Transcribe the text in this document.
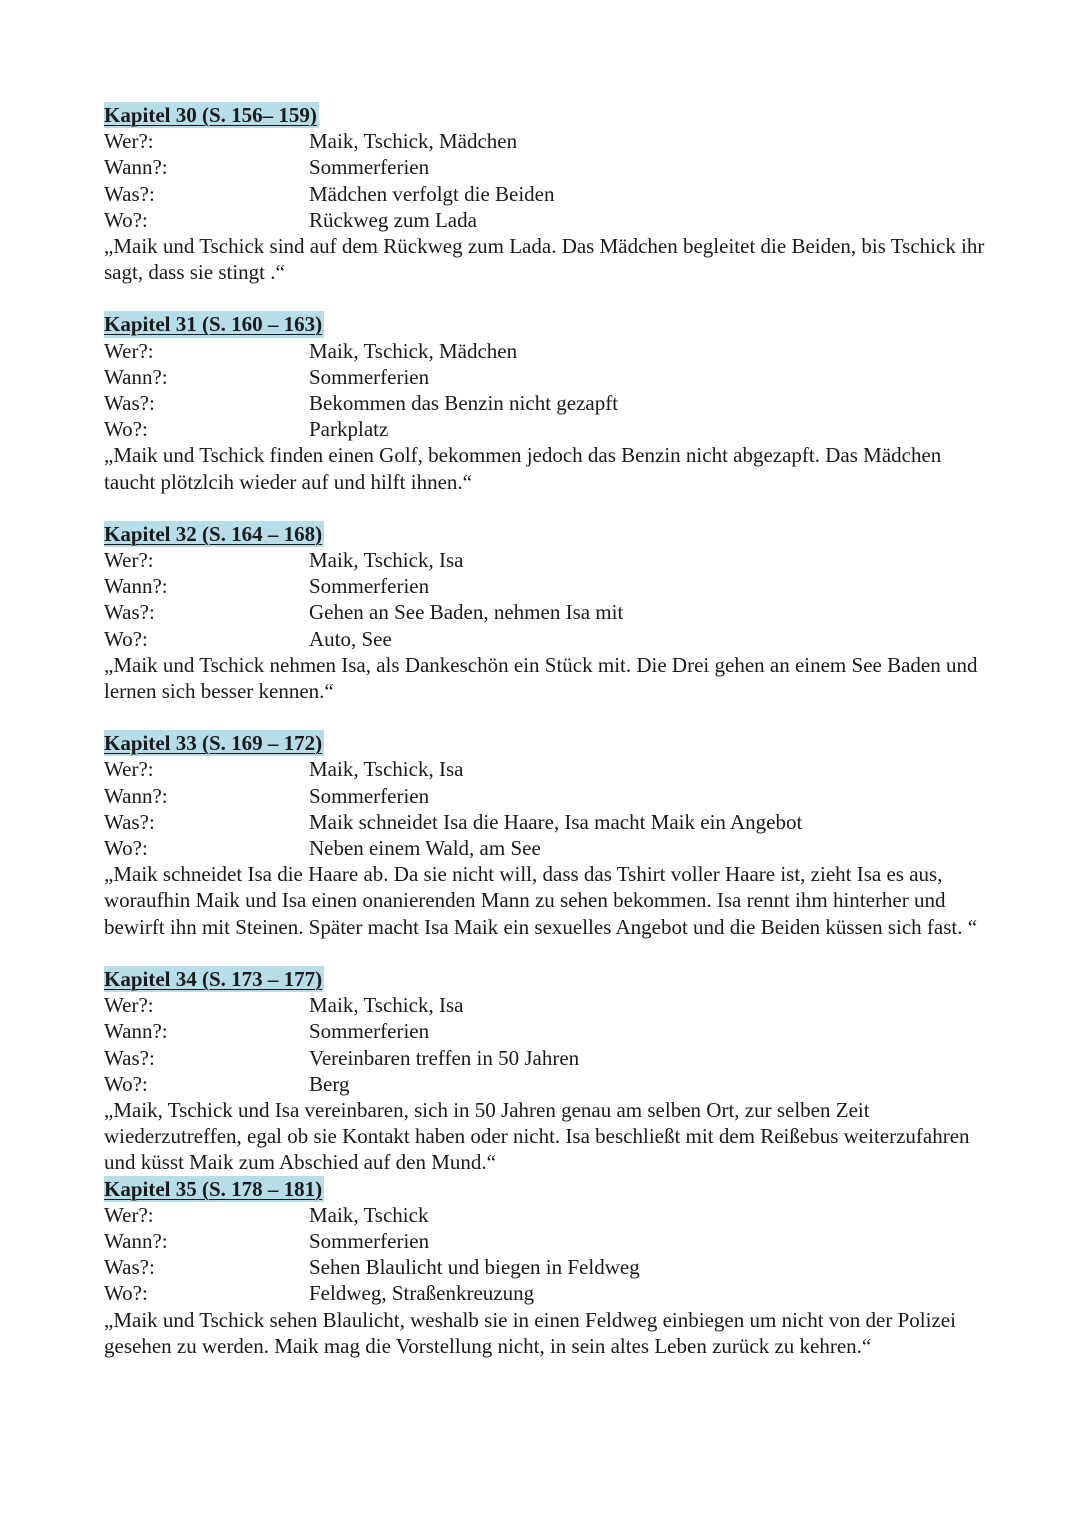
Kapitel 30 (S. 156– 159)
Wer?:	Maik, Tschick, Mädchen
Wann?:	Sommerferien
Was?:	Mädchen verfolgt die Beiden
Wo?:	Rückweg zum Lada

„Maik und Tschick sind auf dem Rückweg zum Lada. Das Mädchen begleitet die Beiden, bis Tschick ihr sagt, dass sie stingt .“

Kapitel 31 (S. 160 – 163)
Wer?:	Maik, Tschick, Mädchen
Wann?:	Sommerferien
Was?:	Bekommen das Benzin nicht gezapft
Wo?:	Parkplatz

„Maik und Tschick finden einen Golf, bekommen jedoch das Benzin nicht abgezapft. Das Mädchen taucht plötzlcih wieder auf und hilft ihnen.“

Kapitel 32 (S. 164 – 168)
Wer?:	Maik, Tschick, Isa
Wann?:	Sommerferien
Was?:	Gehen an See Baden, nehmen Isa mit
Wo?:	Auto, See

„Maik und Tschick nehmen Isa, als Dankeschön ein Stück mit. Die Drei gehen an einem See Baden und lernen sich besser kennen.“

Kapitel 33 (S. 169 – 172)
Wer?:	Maik, Tschick, Isa
Wann?:	Sommerferien
Was?:	Maik schneidet Isa die Haare, Isa macht Maik ein Angebot
Wo?:	Neben einem Wald, am See

„Maik schneidet Isa die Haare ab. Da sie nicht will, dass das Tshirt voller Haare ist, zieht Isa es aus, woraufhin Maik und Isa einen onanierenden Mann zu sehen bekommen. Isa rennt ihm hinterher und bewirft ihn mit Steinen. Später macht Isa Maik ein sexuelles Angebot und die Beiden küssen sich fast. “

Kapitel 34 (S. 173 – 177)
Wer?:	Maik, Tschick, Isa
Wann?:	Sommerferien
Was?:	Vereinbaren treffen in 50 Jahren
Wo?:	Berg

„Maik, Tschick und Isa vereinbaren, sich in 50 Jahren genau am selben Ort, zur selben Zeit wiederzutreffen, egal ob sie Kontakt haben oder nicht. Isa beschließt mit dem Reißebus weiterzufahren und küsst Maik zum Abschied auf den Mund.“

Kapitel 35 (S. 178 – 181)
Wer?:	Maik, Tschick
Wann?:	Sommerferien
Was?:	Sehen Blaulicht und biegen in Feldweg
Wo?:	Feldweg, Straßenkreuzung

„Maik und Tschick sehen Blaulicht, weshalb sie in einen Feldweg einbiegen um nicht von der Polizei gesehen zu werden. Maik mag die Vorstellung nicht, in sein altes Leben zurück zu kehren.“
